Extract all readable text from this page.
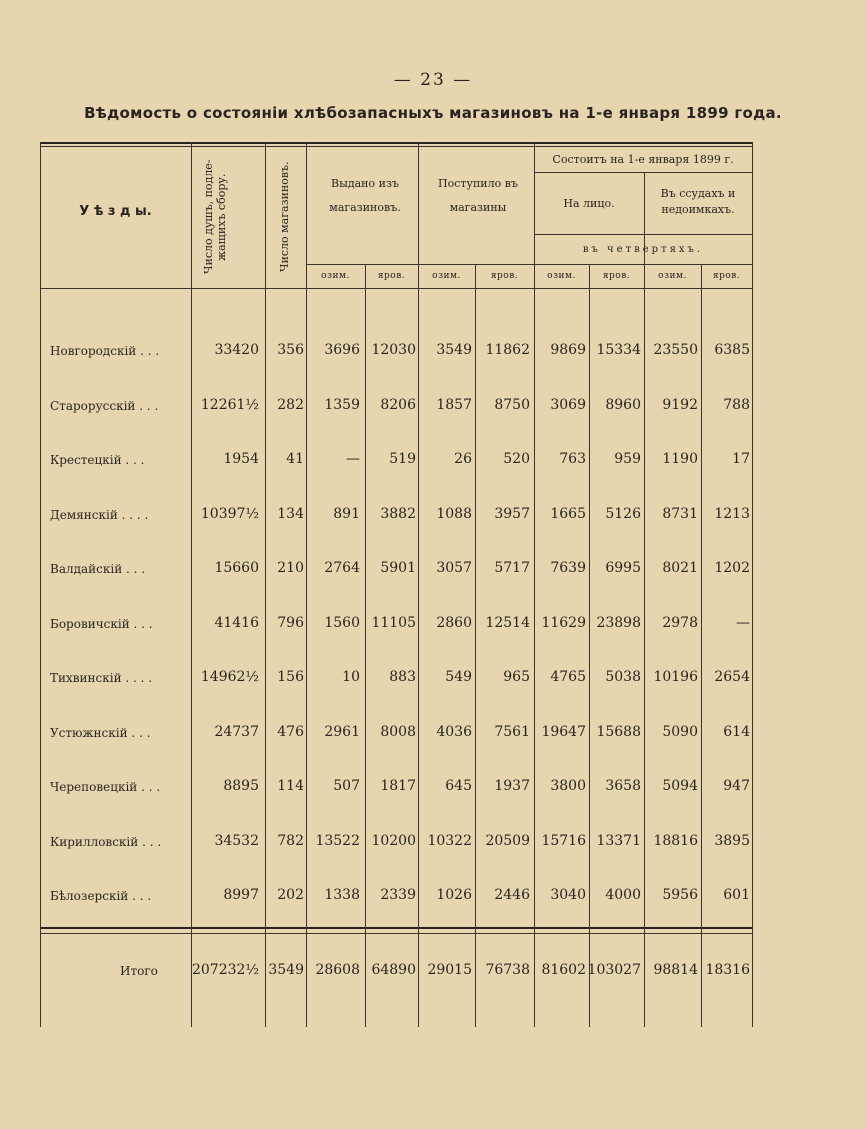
— 23 —
Вѣдомость о состояніи хлѣбозапасныхъ магазиновъ на 1-е января 1899 года.
У ѣ з д ы.	Число душъ, подле- жащихъ сбору.	Число магазиновъ.	Выдано изъ магазиновъ.
Поступило въ магазины
Состоитъ на 1-е января 1899 г.
На лицо.
Въ ссудахъ и недоимкахъ.
въ четвертяхъ.
озим.	яров.	озим.	яров.	озим.	яров.	озим.	яров.
Новгородскій . . .	33420 356 3696 12030 3549 11862 9869 15334 23550 6385
Старорусскій . . .	12261½ 282 1359 8206 1857 8750 3069 8960 9192 788
Крестецкій . . .	1954 41	— 519	26 520 763 959 1190 17
Демянскій . . . .	10397½ 134 891 3882 1088 3957 1665 5126 8731 1213
Валдайскій . . .	15660 210 2764 5901 3057 5717 7639 6995 8021 1202
Боровичскій . . .	41416 796 1560 11105 2860 12514 11629 23898 2978	—
Тихвинскій . . . .	14962½ 156	10 883 549 965 4765 5038 10196 2654
Устюжнскій . . .	24737 476 2961 8008 4036 7561 19647 15688 5090 614
Череповецкій . . .	8895 114 507 1817 645 1937 3800 3658 5094 947
Кирилловскій . . .	34532 782 13522 10200 10322 20509 15716 13371 18816 3895
Бѣлозерскій . . .	8997 202 1338 2339 1026 2446 3040 4000 5956 601
Итого 207232½ 3549 28608 64890 29015 76738 81602 103027 98814 18316
